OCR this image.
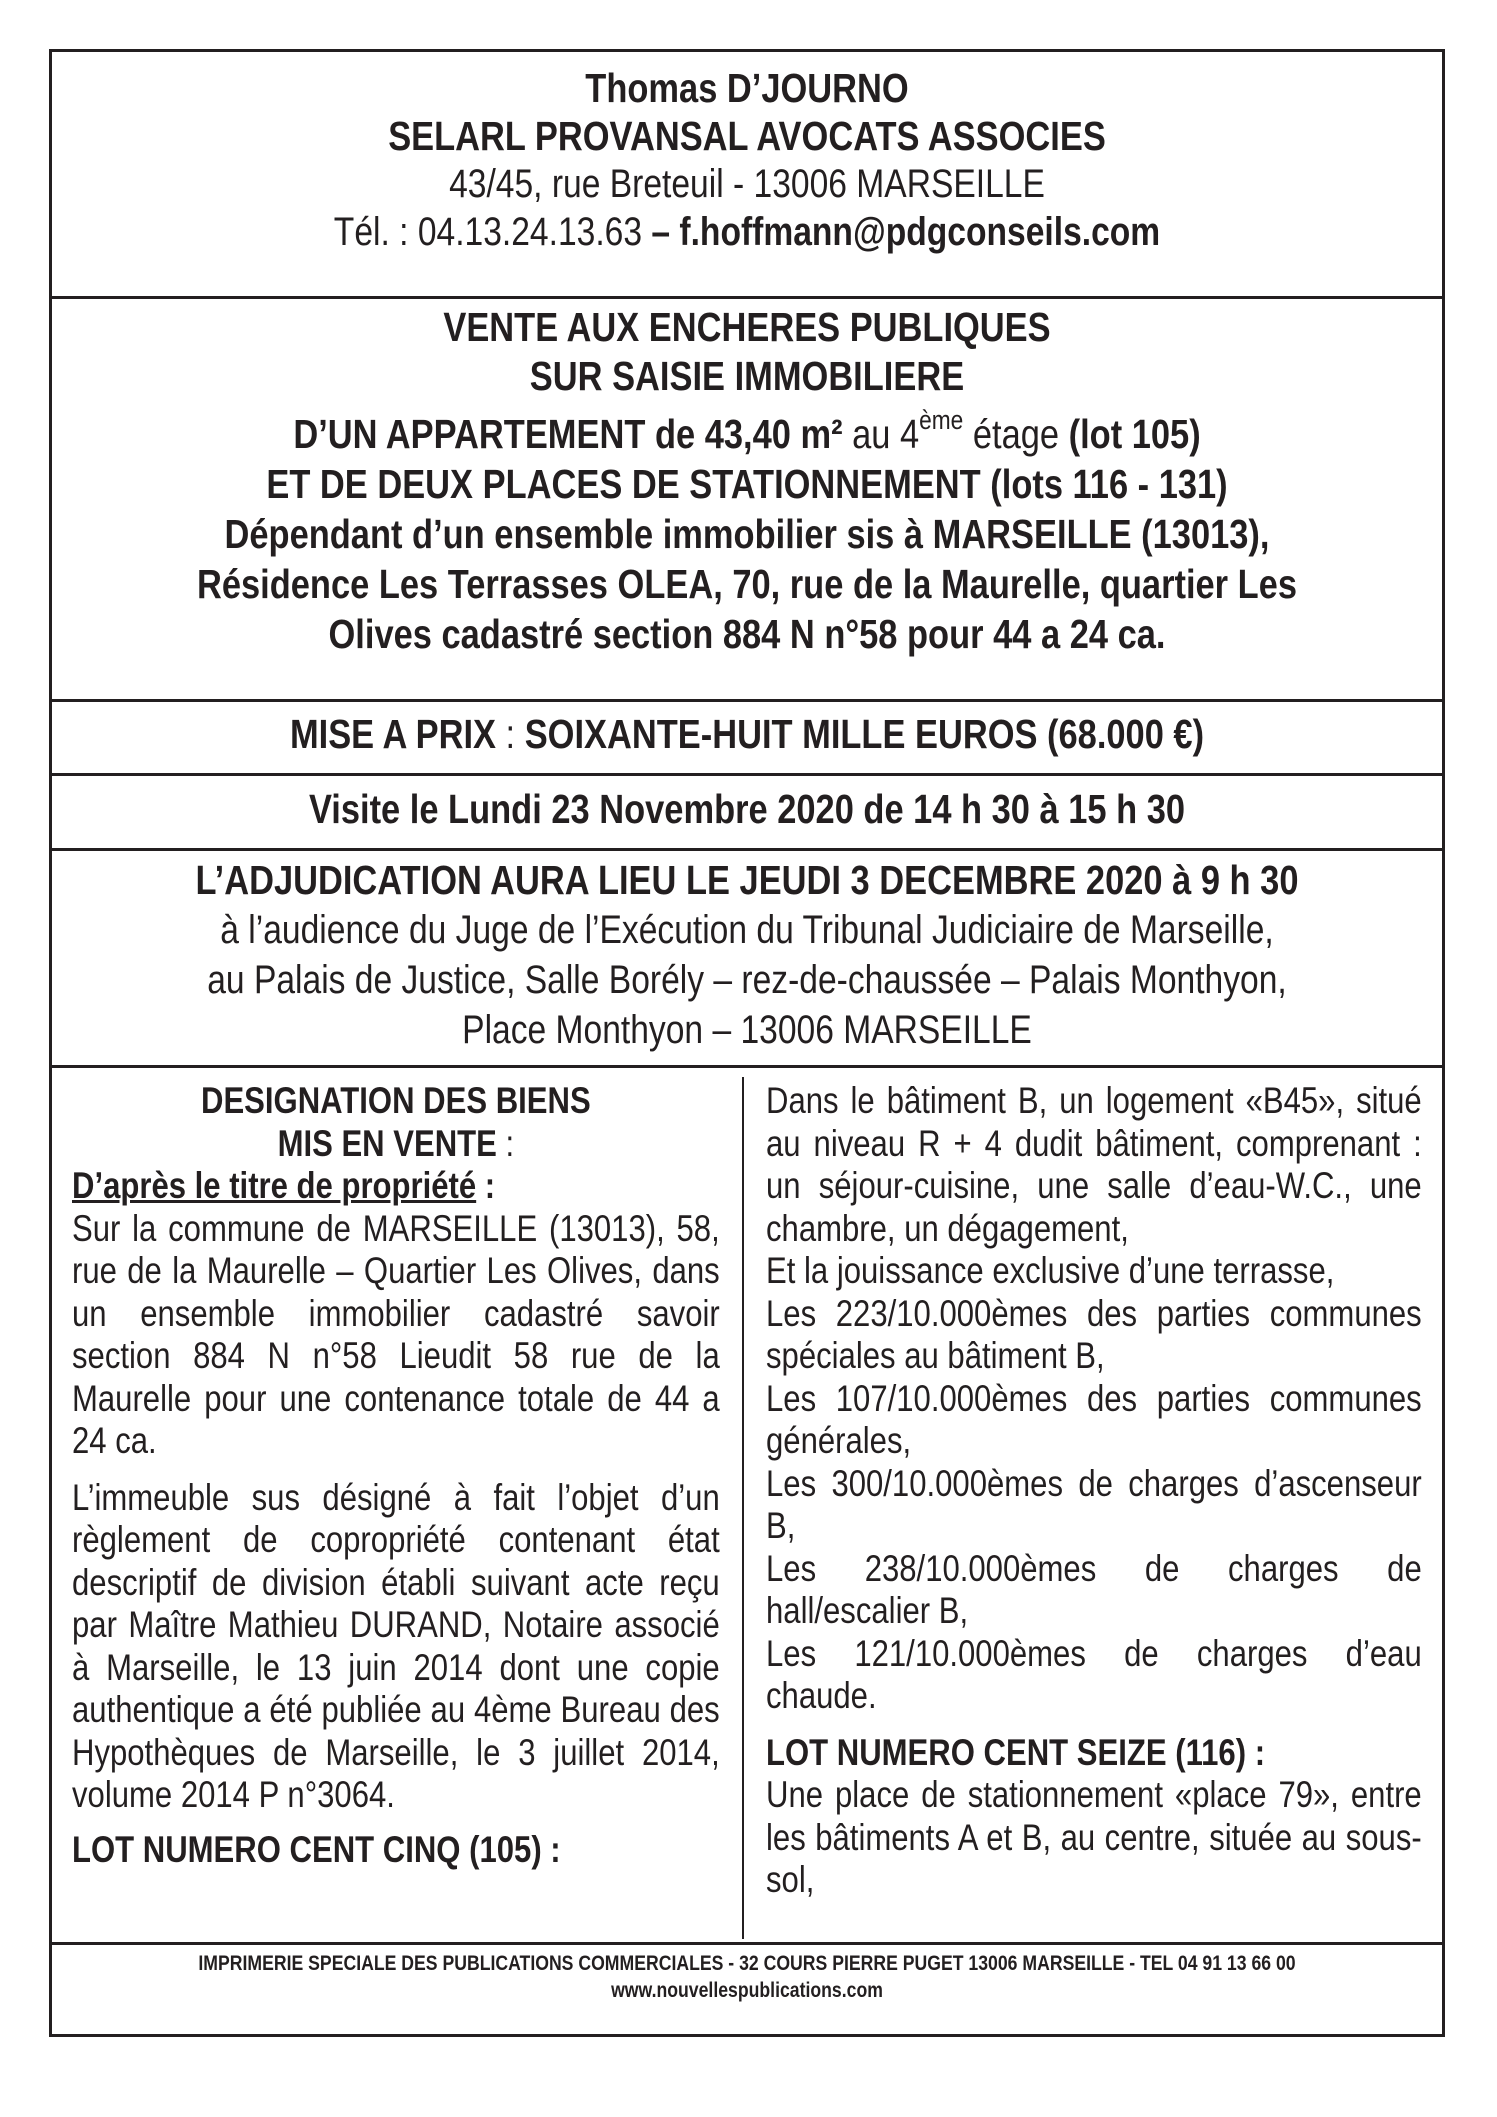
Thomas D’JOURNO
SELARL PROVANSAL AVOCATS ASSOCIES
43/45, rue Breteuil - 13006 MARSEILLE
Tél. : 04.13.24.13.63 – f.hoffmann@pdgconseils.com
VENTE AUX ENCHERES PUBLIQUES
SUR SAISIE IMMOBILIERE
D’UN APPARTEMENT de 43,40 m² au 4ème étage (lot 105)
ET DE DEUX PLACES DE STATIONNEMENT (lots 116 - 131)
Dépendant d’un ensemble immobilier sis à MARSEILLE (13013),
Résidence Les Terrasses OLEA, 70, rue de la Maurelle, quartier Les
Olives cadastré section 884 N n°58 pour 44 a 24 ca.
MISE A PRIX : SOIXANTE-HUIT MILLE EUROS (68.000 €)
Visite le Lundi 23 Novembre 2020 de 14 h 30 à 15 h 30
L’ADJUDICATION AURA LIEU LE JEUDI 3 DECEMBRE 2020 à 9 h 30
à l’audience du Juge de l’Exécution du Tribunal Judiciaire de Marseille,
au Palais de Justice, Salle Borély – rez-de-chaussée – Palais Monthyon,
Place Monthyon – 13006 MARSEILLE
DESIGNATION DES BIENS
MIS EN VENTE :
D’après le titre de propriété :

Sur la commune de MARSEILLE (13013), 58, rue de la Maurelle – Quartier Les Olives, dans un ensemble immobilier cadastré savoir section 884 N n°58 Lieudit 58 rue de la Maurelle pour une contenance totale de 44 a 24 ca.

L’immeuble sus désigné à fait l’objet d’un règlement de copropriété contenant état descriptif de division établi suivant acte reçu par Maître Mathieu DURAND, Notaire associé à Marseille, le 13 juin 2014 dont une copie authentique a été publiée au 4ème Bureau des Hypothèques de Marseille, le 3 juillet 2014, volume 2014 P n°3064.

LOT NUMERO CENT CINQ (105) :

Dans le bâtiment B, un logement «B45», situé au niveau R + 4 dudit bâtiment, comprenant : un séjour-cuisine, une salle d’eau-W.C., une chambre, un dégagement,

Et la jouissance exclusive d’une terrasse,

Les 223/10.000èmes des parties communes spéciales au bâtiment B,

Les 107/10.000èmes des parties communes générales,

Les 300/10.000èmes de charges d’ascenseur B,

Les 238/10.000èmes de charges de hall/escalier B,

Les 121/10.000èmes de charges d’eau chaude.

LOT NUMERO CENT SEIZE (116) :

Une place de stationnement «place 79», entre les bâtiments A et B, au centre, située au sous-sol,

IMPRIMERIE SPECIALE DES PUBLICATIONS COMMERCIALES - 32 COURS PIERRE PUGET 13006 MARSEILLE - TEL 04 91 13 66 00
www.nouvellespublications.com
